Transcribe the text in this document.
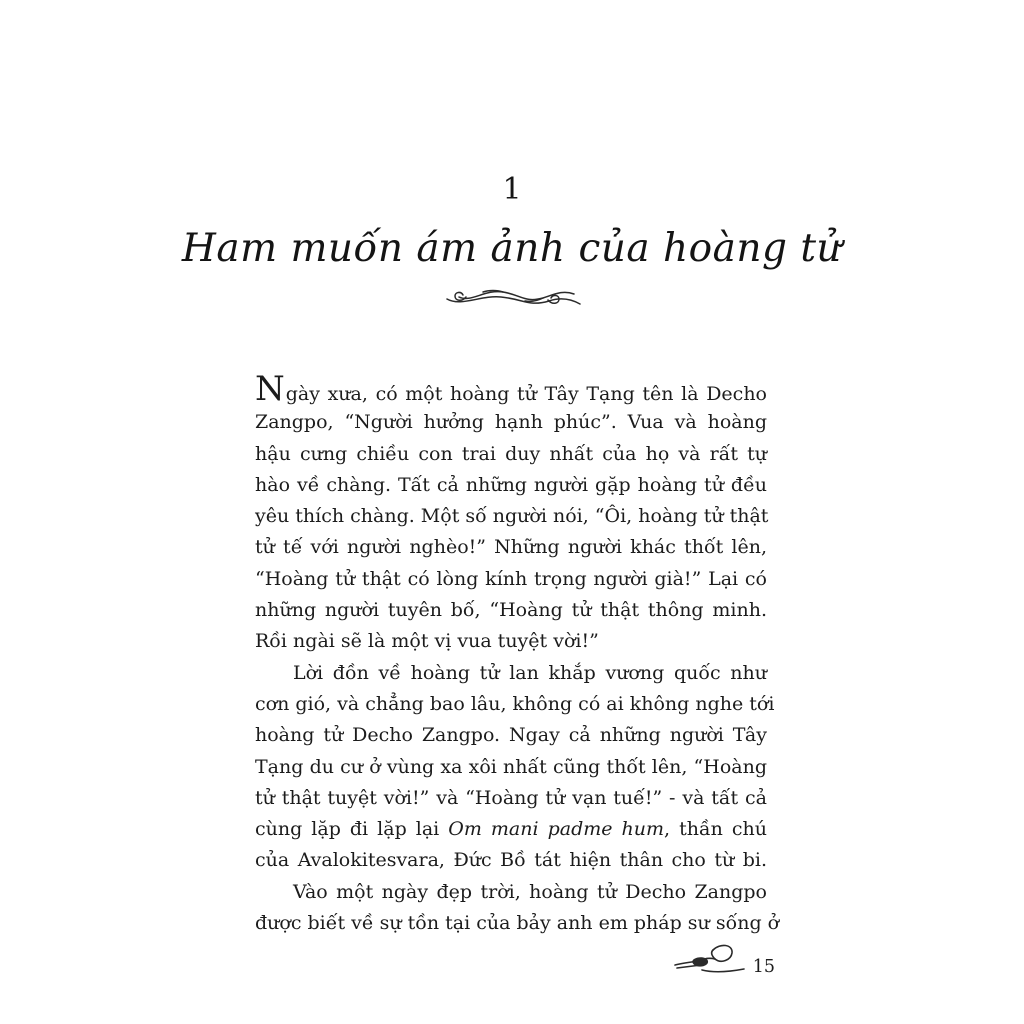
1
Ham muốn ám ảnh của hoàng tử
Ngày xưa, có một hoàng tử Tây Tạng tên là Decho
Zangpo, “Người hưởng hạnh phúc”. Vua và hoàng
hậu cưng chiều con trai duy nhất của họ và rất tự
hào về chàng. Tất cả những người gặp hoàng tử đều
yêu thích chàng. Một số người nói, “Ôi, hoàng tử thật
tử tế với người nghèo!” Những người khác thốt lên,
“Hoàng tử thật có lòng kính trọng người già!” Lại có
những người tuyên bố, “Hoàng tử thật thông minh.
Rồi ngài sẽ là một vị vua tuyệt vời!”
Lời đồn về hoàng tử lan khắp vương quốc như
cơn gió, và chẳng bao lâu, không có ai không nghe tới
hoàng tử Decho Zangpo. Ngay cả những người Tây
Tạng du cư ở vùng xa xôi nhất cũng thốt lên, “Hoàng
tử thật tuyệt vời!” và “Hoàng tử vạn tuế!” - và tất cả
cùng lặp đi lặp lại Om mani padme hum, thần chú
của Avalokitesvara, Đức Bồ tát hiện thân cho từ bi.
Vào một ngày đẹp trời, hoàng tử Decho Zangpo
được biết về sự tồn tại của bảy anh em pháp sư sống ở
15
